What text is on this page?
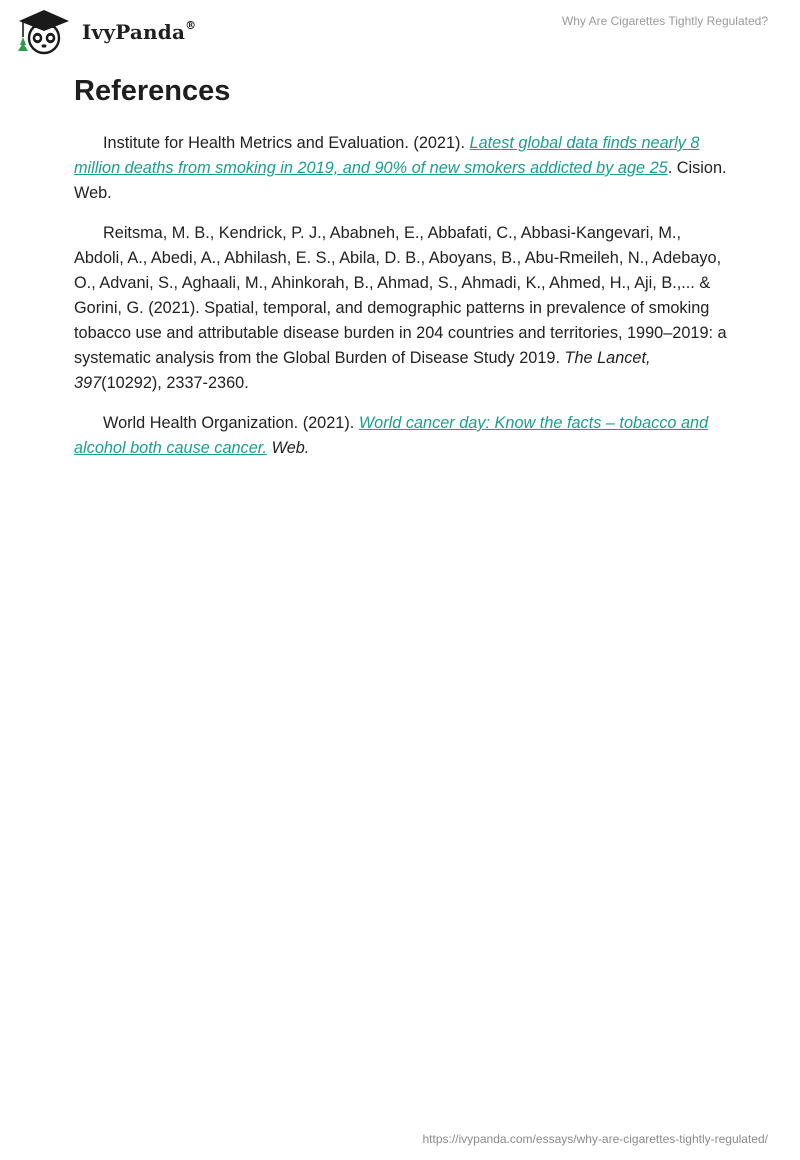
IvyPanda®	Why Are Cigarettes Tightly Regulated?
References

Institute for Health Metrics and Evaluation. (2021). Latest global data finds nearly 8 million deaths from smoking in 2019, and 90% of new smokers addicted by age 25. Cision. Web.

Reitsma, M. B., Kendrick, P. J., Ababneh, E., Abbafati, C., Abbasi-Kangevari, M., Abdoli, A., Abedi, A., Abhilash, E. S., Abila, D. B., Aboyans, B., Abu-Rmeileh, N., Adebayo, O., Advani, S., Aghaali, M., Ahinkorah, B., Ahmad, S., Ahmadi, K., Ahmed, H., Aji, B.,... & Gorini, G. (2021). Spatial, temporal, and demographic patterns in prevalence of smoking tobacco use and attributable disease burden in 204 countries and territories, 1990–2019: a systematic analysis from the Global Burden of Disease Study 2019. The Lancet, 397(10292), 2337-2360.

World Health Organization. (2021). World cancer day: Know the facts – tobacco and alcohol both cause cancer. Web.

https://ivypanda.com/essays/why-are-cigarettes-tightly-regulated/
